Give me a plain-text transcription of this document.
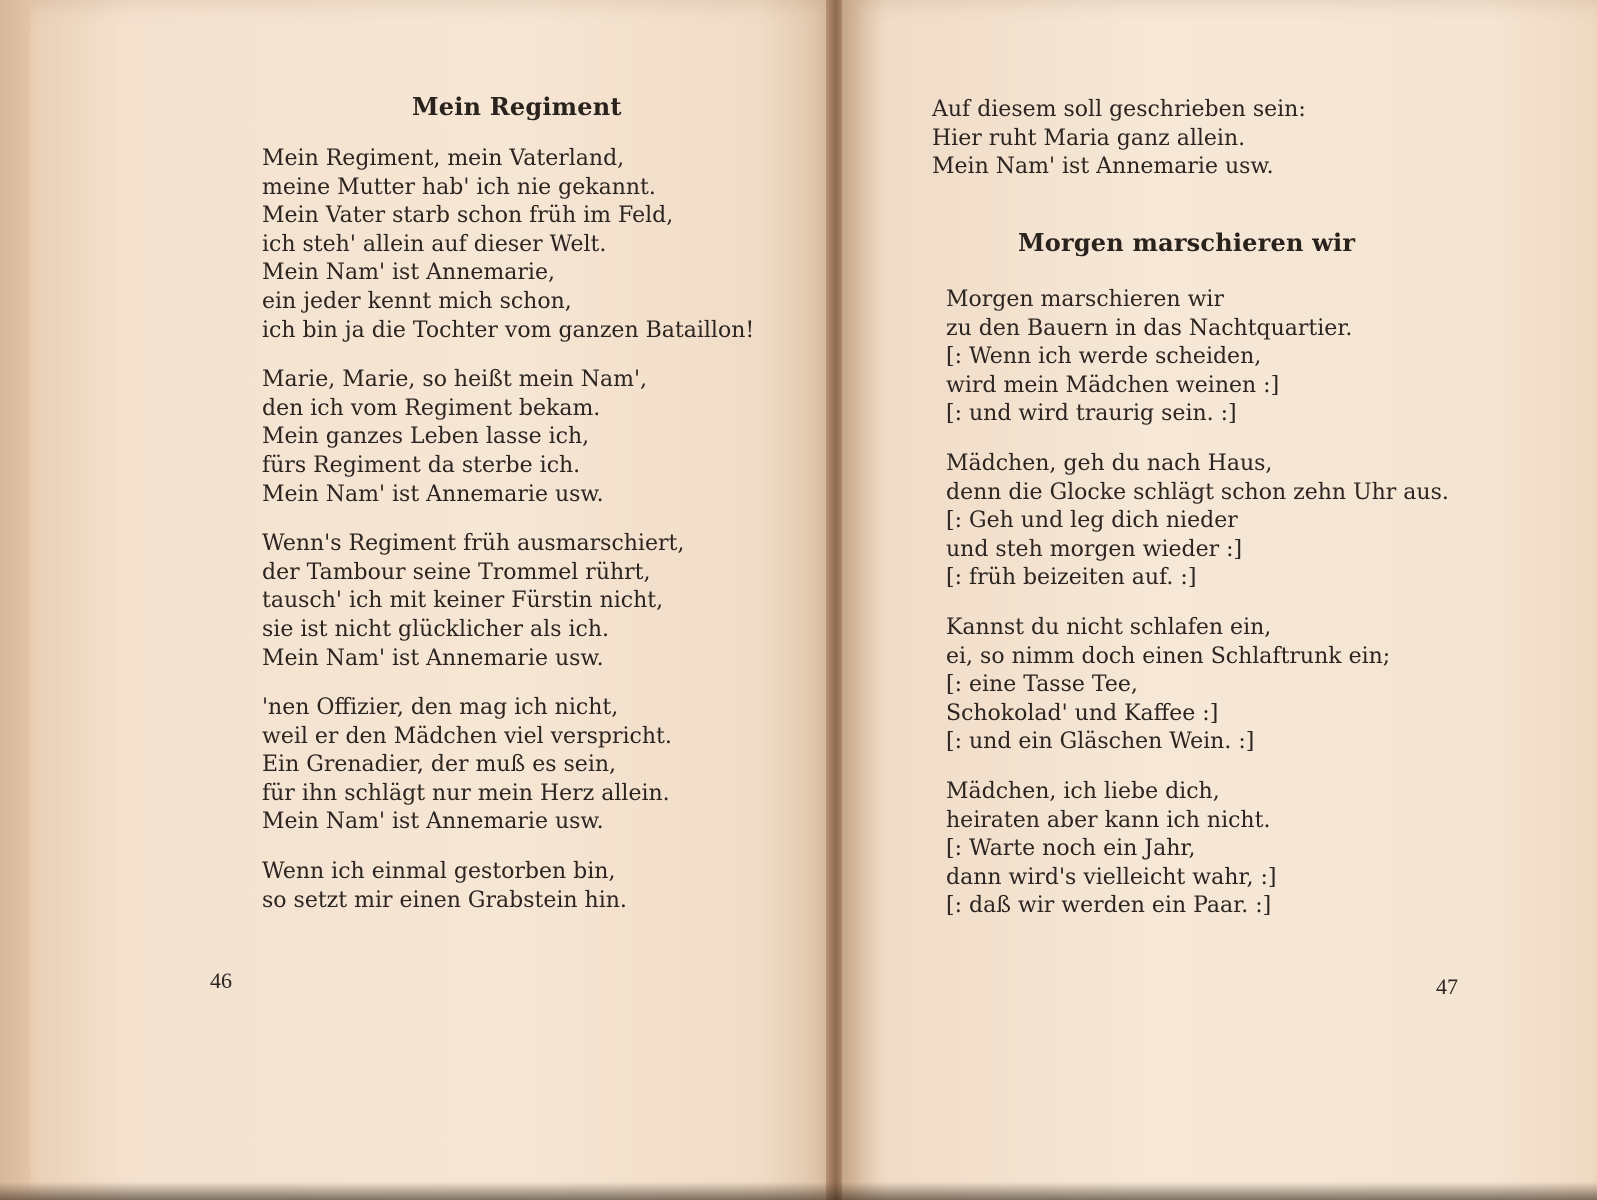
Mein Regiment
Mein Regiment, mein Vaterland,
meine Mutter hab' ich nie gekannt.
Mein Vater starb schon früh im Feld,
ich steh' allein auf dieser Welt.
Mein Nam' ist Annemarie,
ein jeder kennt mich schon,
ich bin ja die Tochter vom ganzen Bataillon!
Marie, Marie, so heißt mein Nam',
den ich vom Regiment bekam.
Mein ganzes Leben lasse ich,
fürs Regiment da sterbe ich.
Mein Nam' ist Annemarie usw.
Wenn's Regiment früh ausmarschiert,
der Tambour seine Trommel rührt,
tausch' ich mit keiner Fürstin nicht,
sie ist nicht glücklicher als ich.
Mein Nam' ist Annemarie usw.
'nen Offizier, den mag ich nicht,
weil er den Mädchen viel verspricht.
Ein Grenadier, der muß es sein,
für ihn schlägt nur mein Herz allein.
Mein Nam' ist Annemarie usw.
Wenn ich einmal gestorben bin,
so setzt mir einen Grabstein hin.
46
Auf diesem soll geschrieben sein:
Hier ruht Maria ganz allein.
Mein Nam' ist Annemarie usw.
Morgen marschieren wir
Morgen marschieren wir
zu den Bauern in das Nachtquartier.
[: Wenn ich werde scheiden,
wird mein Mädchen weinen :]
[: und wird traurig sein. :]
Mädchen, geh du nach Haus,
denn die Glocke schlägt schon zehn Uhr aus.
[: Geh und leg dich nieder
und steh morgen wieder :]
[: früh beizeiten auf. :]
Kannst du nicht schlafen ein,
ei, so nimm doch einen Schlaftrunk ein;
[: eine Tasse Tee,
Schokolad' und Kaffee :]
[: und ein Gläschen Wein. :]
Mädchen, ich liebe dich,
heiraten aber kann ich nicht.
[: Warte noch ein Jahr,
dann wird's vielleicht wahr, :]
[: daß wir werden ein Paar. :]
47
